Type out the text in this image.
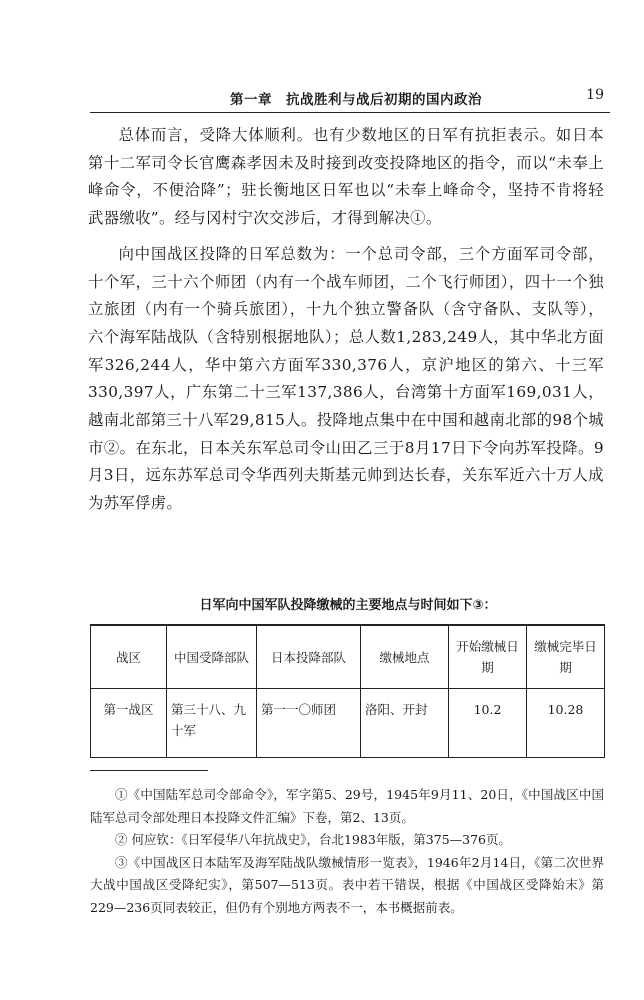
第一章　抗战胜利与战后初期的国内政治	19

总体而言，受降大体顺利。也有少数地区的日军有抗拒表示。如日本第十二军司令长官鹰森孝因未及时接到改变投降地区的指令，而以“未奉上峰命令，不便洽降”；驻长衡地区日军也以“未奉上峰命令，坚持不肯将轻武器缴收”。经与冈村宁次交涉后，才得到解决①。

向中国战区投降的日军总数为：一个总司令部，三个方面军司令部，十个军，三十六个师团（内有一个战车师团，二个飞行师团），四十一个独立旅团（内有一个骑兵旅团），十九个独立警备队（含守备队、支队等），六个海军陆战队（含特别根据地队）；总人数1,283,249人，其中华北方面军326,244人，华中第六方面军330,376人，京沪地区的第六、十三军330,397人，广东第二十三军137,386人，台湾第十方面军169,031人，越南北部第三十八军29,815人。投降地点集中在中国和越南北部的98个城市②。在东北，日本关东军总司令山田乙三于8月17日下令向苏军投降。9月3日，远东苏军总司令华西列夫斯基元帅到达长春，关东军近六十万人成为苏军俘虏。

日军向中国军队投降缴械的主要地点与时间如下③：
战区	中国受降部队	日本投降部队	缴械地点	开始缴械日期	缴械完毕日期
第一战区	第三十八、九十军	第一一〇师团	洛阳、开封	10.2	10.28

①《中国陆军总司令部命令》，军字第5、29号，1945年9月11、20日，《中国战区中国陆军总司令部处理日本投降文件汇编》下卷，第2、13页。

② 何应钦：《日军侵华八年抗战史》，台北1983年版，第375—376页。

③《中国战区日本陆军及海军陆战队缴械情形一览表》，1946年2月14日，《第二次世界大战中国战区受降纪实》，第507—513页。表中若干错误，根据《中国战区受降始末》第229—236页同表较正，但仍有个别地方两表不一，本书概据前表。
